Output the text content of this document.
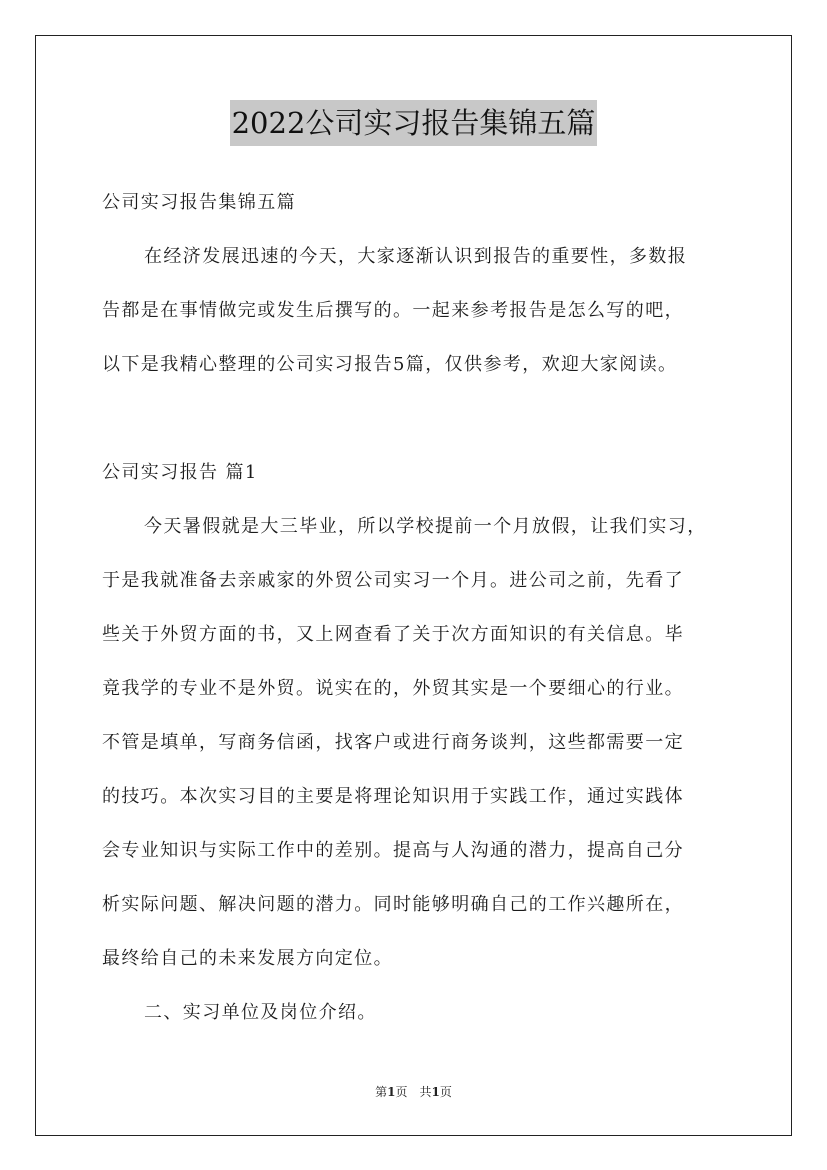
2022公司实习报告集锦五篇
公司实习报告集锦五篇
在经济发展迅速的今天，大家逐渐认识到报告的重要性，多数报
告都是在事情做完或发生后撰写的。一起来参考报告是怎么写的吧，
以下是我精心整理的公司实习报告5篇，仅供参考，欢迎大家阅读。
公司实习报告 篇1
今天暑假就是大三毕业，所以学校提前一个月放假，让我们实习，
于是我就准备去亲戚家的外贸公司实习一个月。进公司之前，先看了
些关于外贸方面的书，又上网查看了关于次方面知识的有关信息。毕
竟我学的专业不是外贸。说实在的，外贸其实是一个要细心的行业。
不管是填单，写商务信函，找客户或进行商务谈判，这些都需要一定
的技巧。本次实习目的主要是将理论知识用于实践工作，通过实践体
会专业知识与实际工作中的差别。提高与人沟通的潜力，提高自己分
析实际问题、解决问题的潜力。同时能够明确自己的工作兴趣所在，
最终给自己的未来发展方向定位。
二、实习单位及岗位介绍。
第1页　共1页
